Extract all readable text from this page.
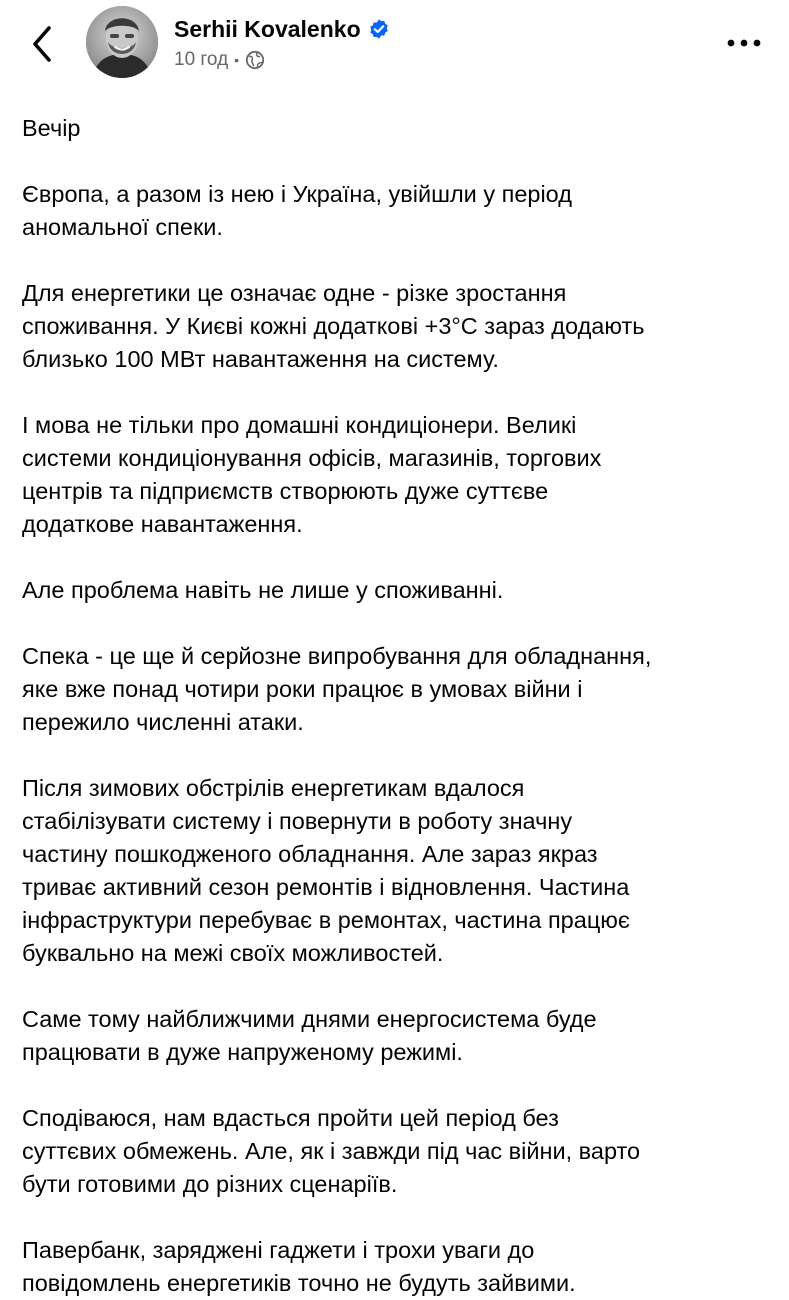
Serhii Kovalenko
10 год •
Вечір
Європа, а разом із нею і Україна, увійшли у період
аномальної спеки.
Для енергетики це означає одне - різке зростання
споживання. У Києві кожні додаткові +3°C зараз додають
близько 100 МВт навантаження на систему.
І мова не тільки про домашні кондиціонери. Великі
системи кондиціонування офісів, магазинів, торгових
центрів та підприємств створюють дуже суттєве
додаткове навантаження.
Але проблема навіть не лише у споживанні.
Спека - це ще й серйозне випробування для обладнання,
яке вже понад чотири роки працює в умовах війни і
пережило численні атаки.
Після зимових обстрілів енергетикам вдалося
стабілізувати систему і повернути в роботу значну
частину пошкодженого обладнання. Але зараз якраз
триває активний сезон ремонтів і відновлення. Частина
інфраструктури перебуває в ремонтах, частина працює
буквально на межі своїх можливостей.
Саме тому найближчими днями енергосистема буде
працювати в дуже напруженому режимі.
Сподіваюся, нам вдасться пройти цей період без
суттєвих обмежень. Але, як і завжди під час війни, варто
бути готовими до різних сценаріїв.
Павербанк, заряджені гаджети і трохи уваги до
повідомлень енергетиків точно не будуть зайвими.
